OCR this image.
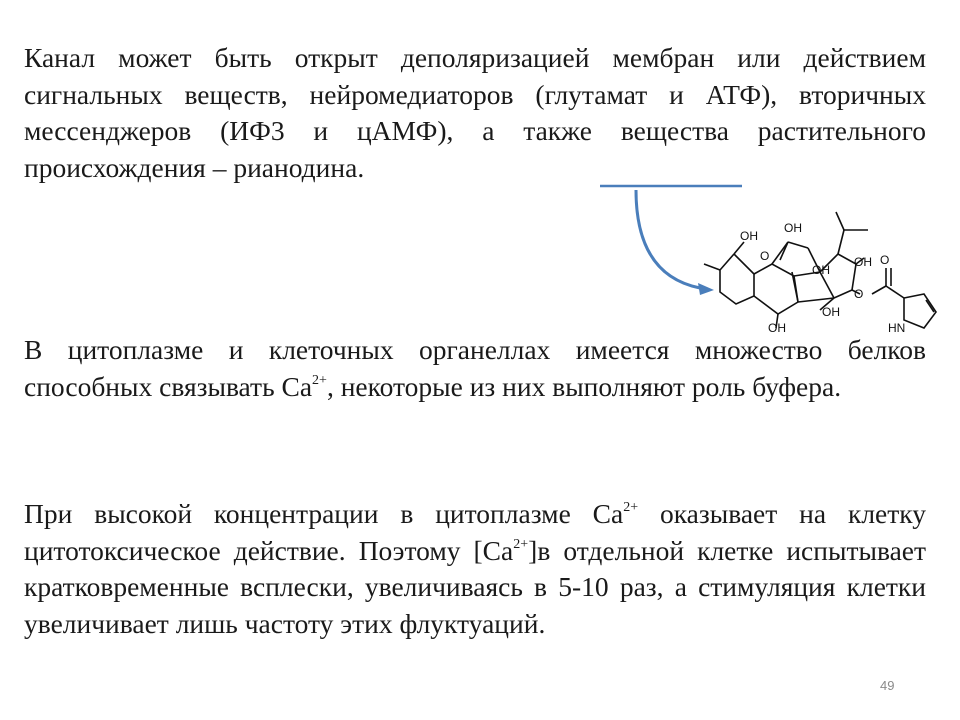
Канал может быть открыт деполяризацией мембран или действием сигнальных веществ, нейромедиаторов (глутамат и АТФ), вторичных мессенджеров (ИФ3 и цАМФ), а также вещества растительного происхождения – рианодина.

OH
OH
O
OH
OH
O
OH
OH
O
HN

В цитоплазме и клеточных органеллах имеется множество белков способных связывать $Ca^{2+}$, некоторые из них выполняют роль буфера.

При высокой концентрации в цитоплазме $Ca^{2+}$ оказывает на клетку цитотоксическое действие. Поэтому $[Ca^{2+}]в$ отдельной клетке испытывает кратковременные всплески, увеличиваясь в 5-10 раз, а стимуляция клетки увеличивает лишь частоту этих флуктуаций.

49
